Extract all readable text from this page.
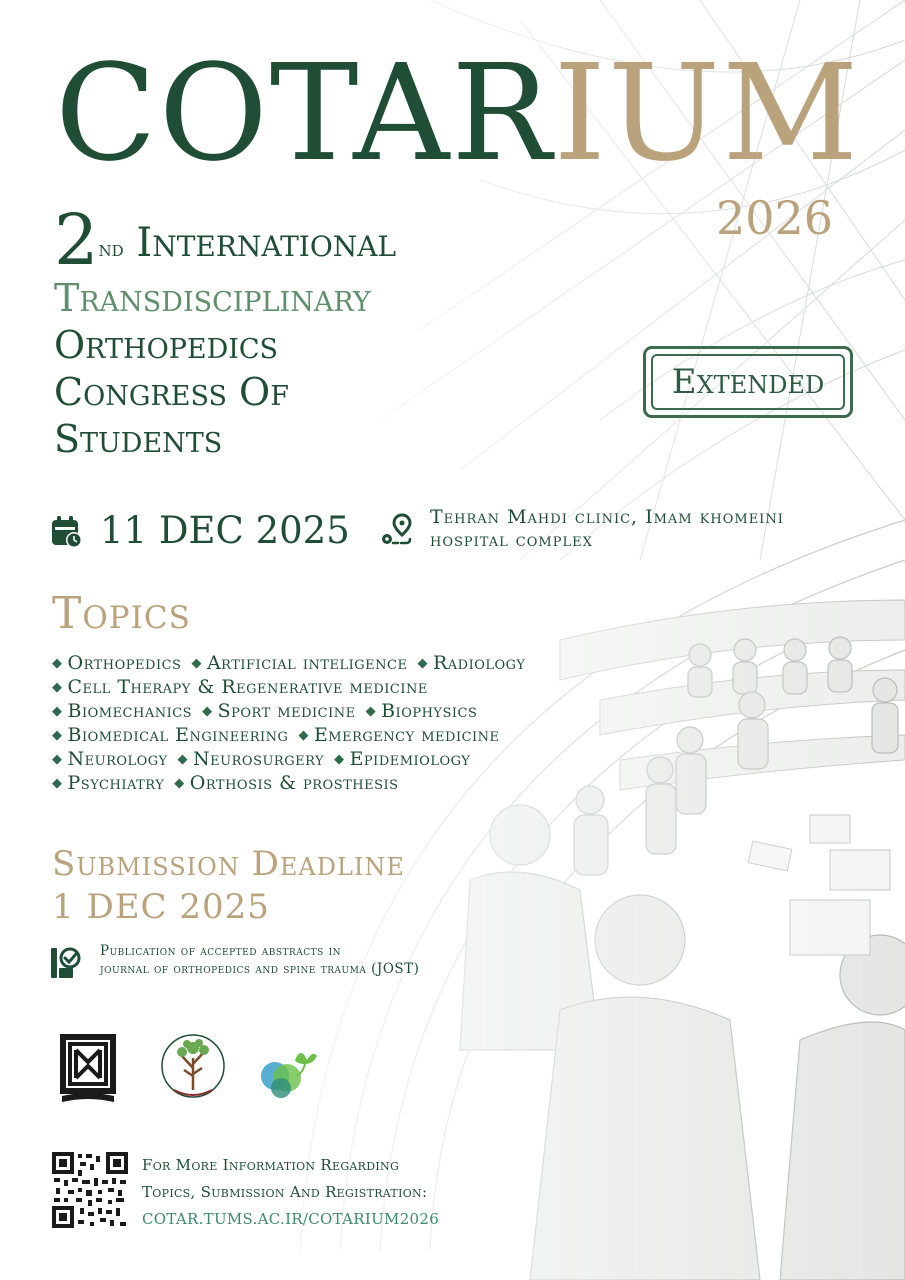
COTARIUM
2026
2nd International
Transdisciplinary
Orthopedics
Congress Of
Students
Extended
11 DEC 2025	Tehran Mahdi clinic, Imam khomeini
hospital complex
Topics
◆ Orthopedics ◆ Artificial inteligence ◆ Radiology
◆ Cell Therapy & Regenerative medicine
◆ Biomechanics ◆ Sport medicine ◆ Biophysics
◆ Biomedical Engineering ◆ Emergency medicine
◆ Neurology ◆ Neurosurgery ◆ Epidemiology
◆ Psychiatry ◆ Orthosis & prosthesis
Submission Deadline
1 DEC 2025
Publication of accepted abstracts in
journal of orthopedics and spine trauma (JOST)
For More Information Regarding
Topics, Submission And Registration:
COTAR.TUMS.AC.IR/COTARIUM2026
